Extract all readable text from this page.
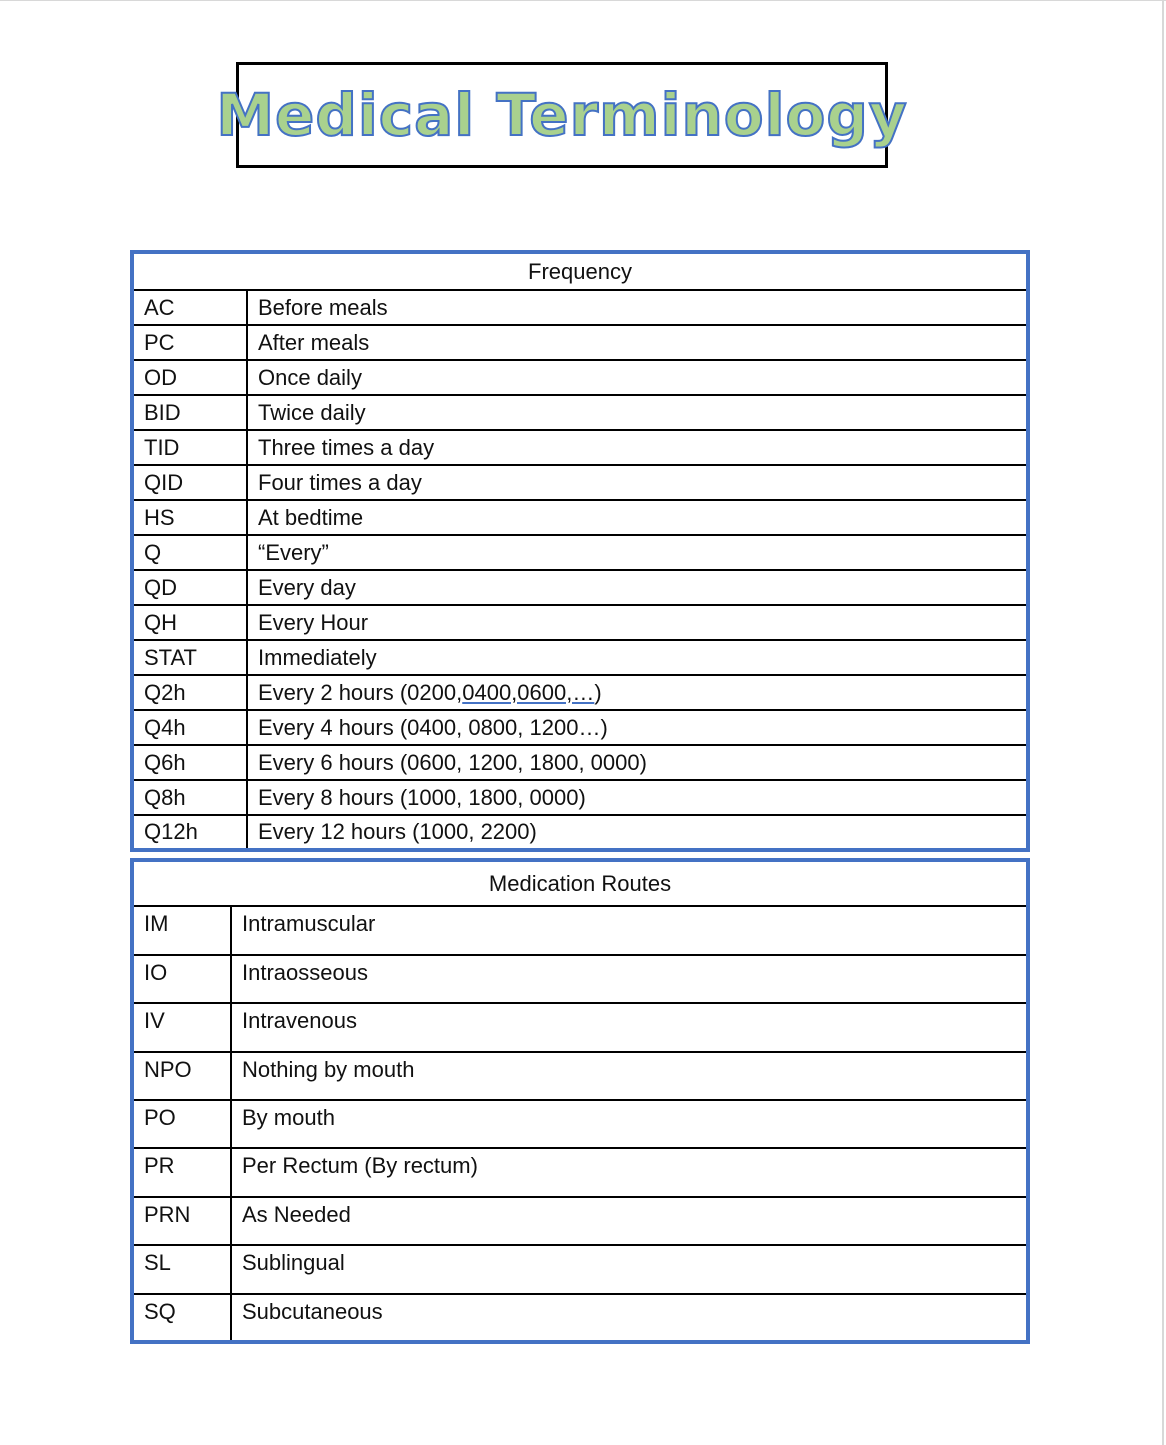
Medical Terminology
Frequency	
AC	Before meals
PC	After meals
OD	Once daily
BID	Twice daily
TID	Three times a day
QID	Four times a day
HS	At bedtime
Q	“Every”
QD	Every day
QH	Every Hour
STAT	Immediately
Q2h	Every 2 hours (0200,0400,0600,…)
Q4h	Every 4 hours (0400, 0800, 1200…)
Q6h	Every 6 hours (0600, 1200, 1800, 0000)
Q8h	Every 8 hours (1000, 1800, 0000)
Q12h	Every 12 hours (1000, 2200)
Medication Routes	
IM	Intramuscular
IO	Intraosseous
IV	Intravenous
NPO	Nothing by mouth
PO	By mouth
PR	Per Rectum (By rectum)
PRN	As Needed
SL	Sublingual
SQ	Subcutaneous
